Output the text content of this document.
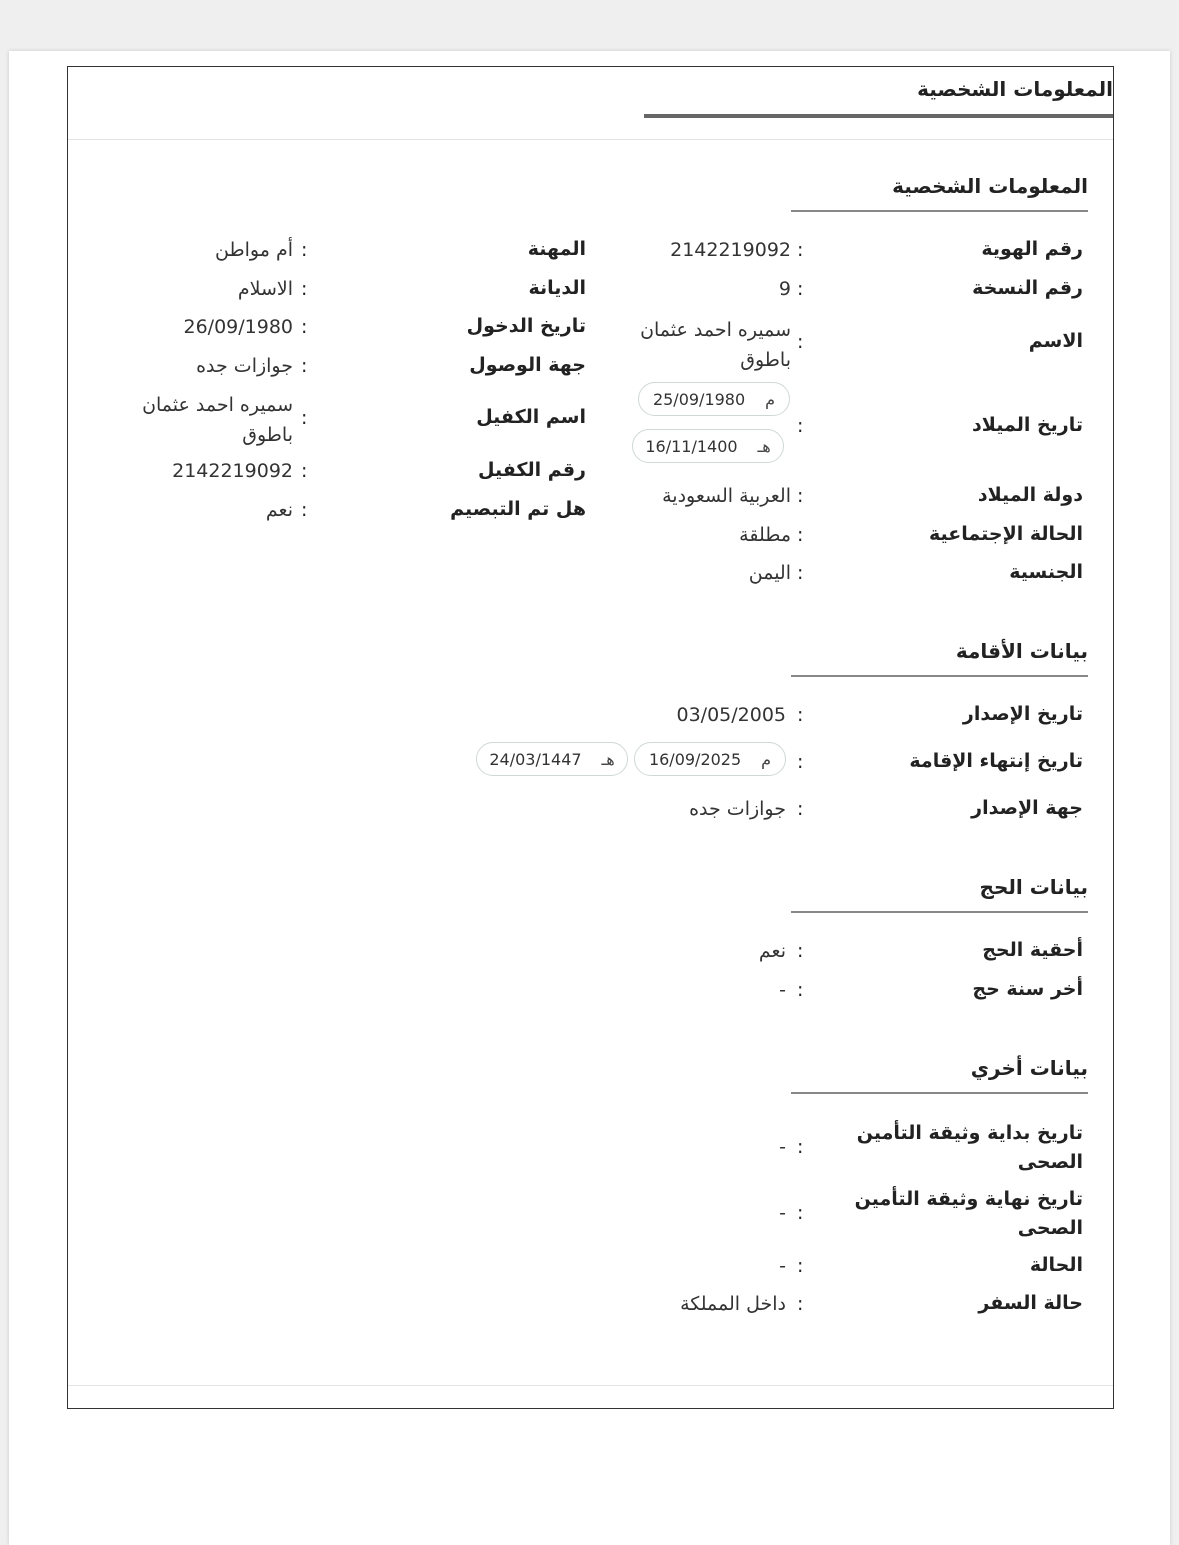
المعلومات الشخصية
المعلومات الشخصية
رقم الهوية
:
2142219092
رقم النسخة
:
9
الاسم
:
سميره احمد عثمان باطوق
تاريخ الميلاد
:
25/09/1980 م
16/11/1400 هـ
دولة الميلاد
:
العربية السعودية
الحالة الإجتماعية
:
مطلقة
الجنسية
:
اليمن
المهنة
:
أم مواطن
الديانة
:
الاسلام
تاريخ الدخول
:
26/09/1980
جهة الوصول
:
جوازات جده
اسم الكفيل
:
سميره احمد عثمان باطوق
رقم الكفيل
:
2142219092
هل تم التبصيم
:
نعم
بيانات الأقامة
تاريخ الإصدار
:
03/05/2005
تاريخ إنتهاء الإقامة
:
16/09/2025 م
24/03/1447 هـ
جهة الإصدار
:
جوازات جده
بيانات الحج
أحقية الحج
:
نعم
أخر سنة حج
:
-
بيانات أخري
تاريخ بداية وثيقة التأمين الصحى
:
-
تاريخ نهاية وثيقة التأمين الصحى
:
-
الحالة
:
-
حالة السفر
:
داخل المملكة
